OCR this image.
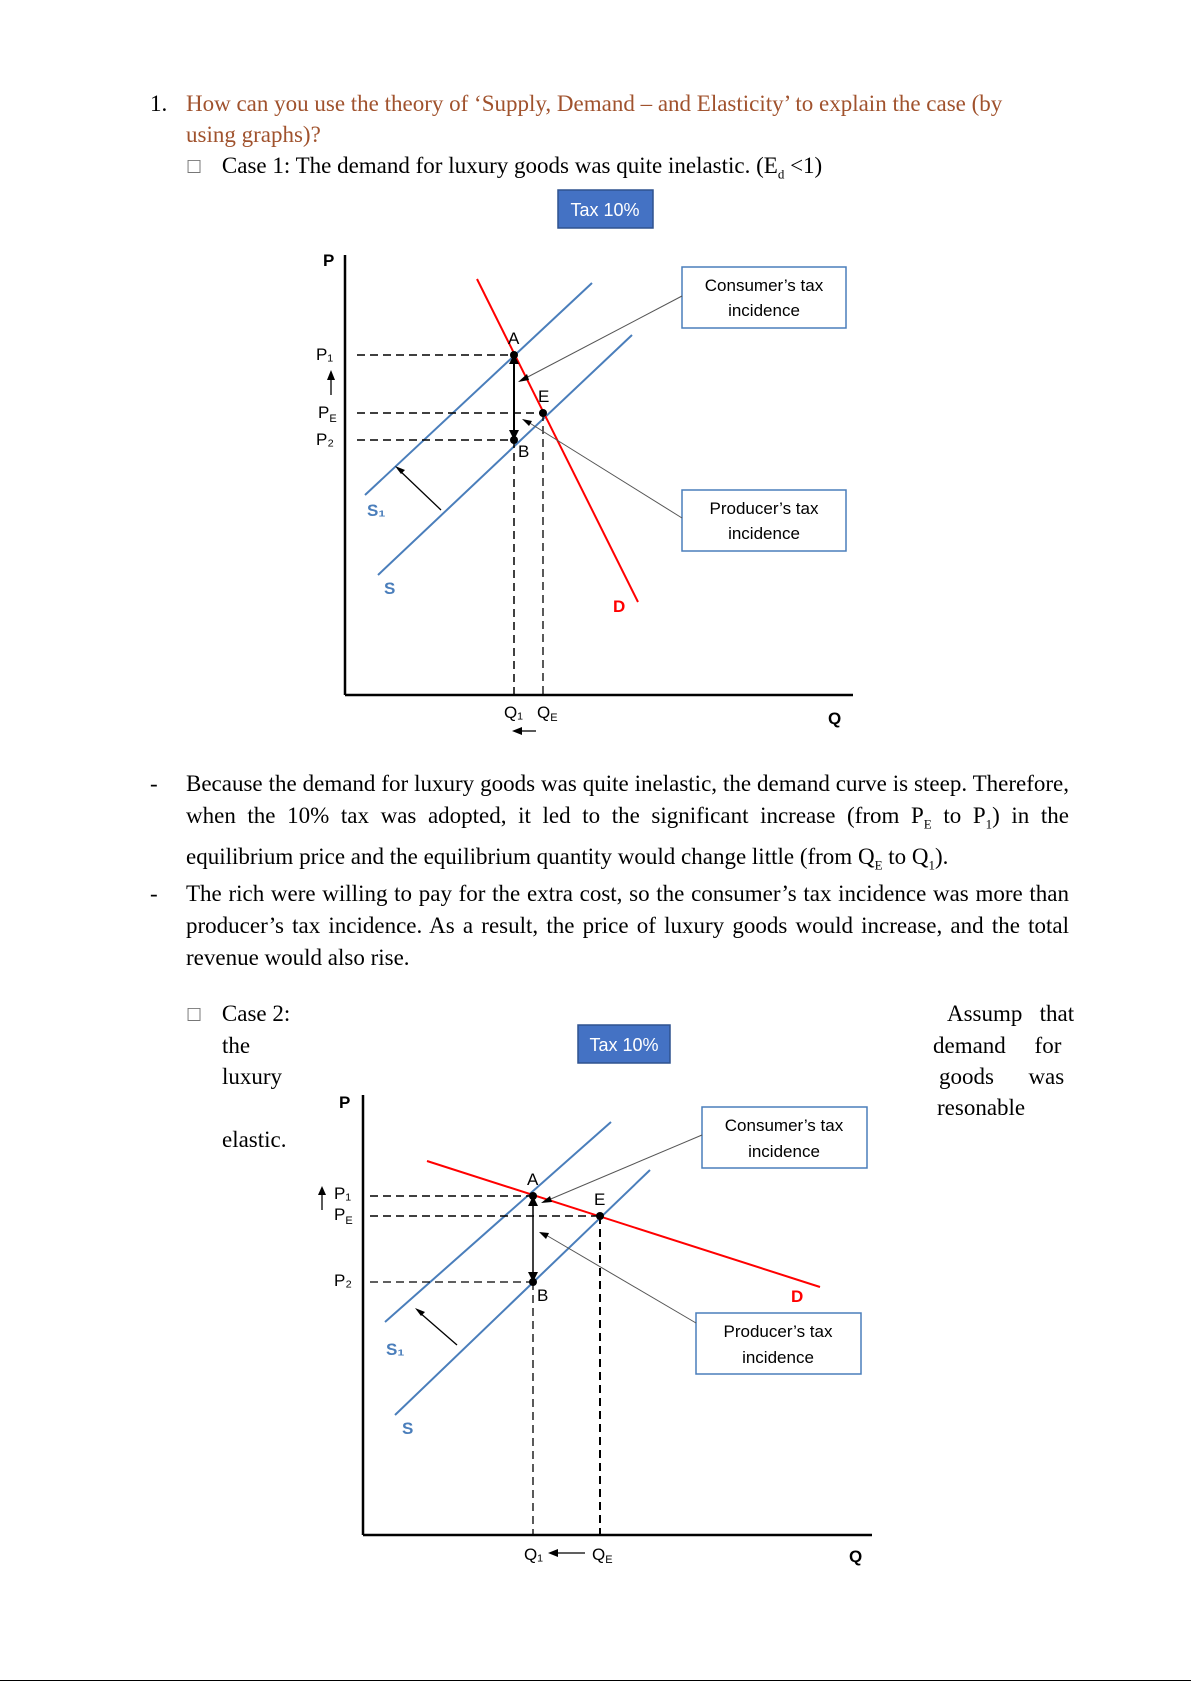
1. How can you use the theory of ‘Supply, Demand – and Elasticity’ to explain the case (by
using graphs)?
☐ Case 1: The demand for luxury goods was quite inelastic. $(E_d <1)$
Tax 10%
P
Q
S₁
S
D
A
E
B
P₁
$P_E$
P₂
Q₁ QE
Consumer’s tax
incidence
Producer’s tax
incidence
- Because the demand for luxury goods was quite inelastic, the demand curve is steep. Therefore, when the 10% tax was adopted, it led to the significant increase (from $P_E$ to $P_1$) in the equilibrium price and the equilibrium quantity would change little (from $Q_E$ to $Q_1$).
- The rich were willing to pay for the extra cost, so the consumer’s tax incidence was more than producer’s tax incidence. As a result, the price of luxury goods would increase, and the total revenue would also rise.
☐ Case 2:
the
luxury
elastic.
Assump   that
demand     for
goods      was
resonable
Tax 10%
P
Q
S₁
S
D
A
E
B
P₁
$P_E$
P₂
Q₁	QE
Consumer’s tax
incidence
Producer’s tax
incidence
